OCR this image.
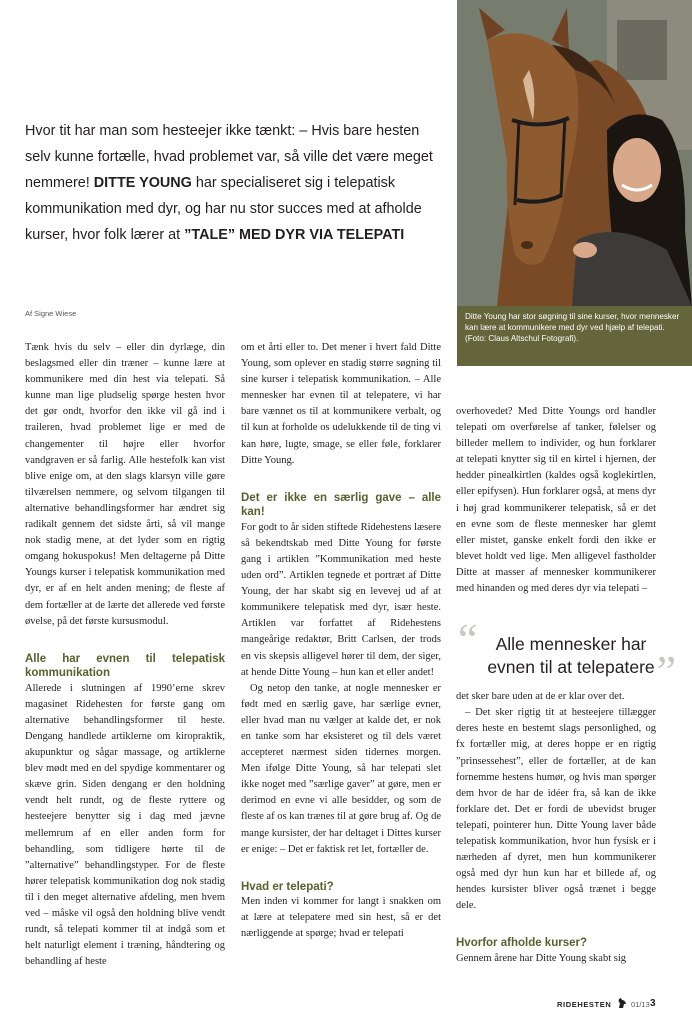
Ditte Young har stor søgning til sine kurser, hvor mennesker kan lære at kommunikere med dyr ved hjælp af telepati. (Foto: Claus Altschul Fotografi).
Hvor tit har man som hesteejer ikke tænkt: – Hvis bare hesten selv kunne fortælle, hvad problemet var, så ville det være meget nemmere! DITTE YOUNG har specialiseret sig i telepatisk kommunikation med dyr, og har nu stor succes med at afholde kurser, hvor folk lærer at ”TALE” MED DYR VIA TELEPATI
Af Signe Wiese

Tænk hvis du selv – eller din dyrlæge, din beslagsmed eller din træner – kunne lære at kommunikere med din hest via telepati. Så kunne man lige pludselig spørge hesten hvor det gør ondt, hvorfor den ikke vil gå ind i traileren, hvad problemet lige er med de changementer til højre eller hvorfor vandgraven er så farlig. Alle hestefolk kan vist blive enige om, at den slags klarsyn ville gøre tilværelsen nemmere, og selvom tilgangen til alternative behandlingsformer har ændret sig radikalt gennem det sidste årti, så vil mange nok stadig mene, at det lyder som en rigtig omgang hokuspokus! Men deltagerne på Ditte Youngs kurser i telepatisk kommunikation med dyr, er af en helt anden mening; de fleste af dem fortæller at de lærte det allerede ved første øvelse, på det første kursusmodul.

Alle har evnen til telepatisk kommunikation

Allerede i slutningen af 1990’erne skrev magasinet Ridehesten for første gang om alternative behandlingsformer til heste. Dengang handlede artiklerne om kiropraktik, akupunktur og sågar massage, og artiklerne blev mødt med en del spydige kommentarer og skæve grin. Siden dengang er den holdning vendt helt rundt, og de fleste ryttere og hesteejere benytter sig i dag med jævne mellemrum af en eller anden form for behandling, som tidligere hørte til de ”alternative” behandlingstyper. For de fleste hører telepatisk kommunikation dog nok stadig til i den meget alternative afdeling, men hvem ved – måske vil også den holdning blive vendt rundt, så telepati kommer til at indgå som et helt naturligt element i træning, håndtering og behandling af heste

om et årti eller to. Det mener i hvert fald Ditte Young, som oplever en stadig større søgning til sine kurser i telepatisk kommunikation. – Alle mennesker har evnen til at telepatere, vi har bare vænnet os til at kommunikere verbalt, og til kun at forholde os udelukkende til de ting vi kan høre, lugte, smage, se eller føle, forklarer Ditte Young.

Det er ikke en særlig gave – alle kan!

For godt to år siden stiftede Ridehestens læsere så bekendtskab med Ditte Young for første gang i artiklen ”Kommunikation med heste uden ord”. Artiklen tegnede et portræt af Ditte Young, der har skabt sig en levevej ud af at kommunikere telepatisk med dyr, især heste. Artiklen var forfattet af Ridehestens mangeårige redaktør, Britt Carlsen, der trods en vis skepsis alligevel hører til dem, der siger, at hende Ditte Young – hun kan et eller andet!

Og netop den tanke, at nogle mennesker er født med en særlig gave, har særlige evner, eller hvad man nu vælger at kalde det, er nok en tanke som har eksisteret og til dels været accepteret nærmest siden tidernes morgen. Men ifølge Ditte Young, så har telepati slet ikke noget med ”særlige gaver” at gøre, men er derimod en evne vi alle besidder, og som de fleste af os kan trænes til at gøre brug af. Og de mange kursister, der har deltaget i Dittes kurser er enige: – Det er faktisk ret let, fortæller de.

Hvad er telepati?

Men inden vi kommer for langt i snakken om at lære at telepatere med sin hest, så er det nærliggende at spørge; hvad er telepati

overhovedet? Med Ditte Youngs ord handler telepati om overførelse af tanker, følelser og billeder mellem to individer, og hun forklarer at telepati knytter sig til en kirtel i hjernen, der hedder pinealkirtlen (kaldes også koglekirtlen, eller epifysen). Hun forklarer også, at mens dyr i høj grad kommunikerer telepatisk, så er det en evne som de fleste mennesker har glemt eller mistet, ganske enkelt fordi den ikke er blevet holdt ved lige. Men alligevel fastholder Ditte at masser af mennesker kommunikerer med hinanden og med deres dyr via telepati –

det sker bare uden at de er klar over det.

– Det sker rigtig tit at hesteejere tillægger deres heste en bestemt slags personlighed, og fx fortæller mig, at deres hoppe er en rigtig ”prinsessehest”, eller de fortæller, at de kan fornemme hestens humør, og hvis man spørger dem hvor de har de idéer fra, så kan de ikke forklare det. Det er fordi de ubevidst bruger telepati, pointerer hun. Ditte Young laver både telepatisk kommunikation, hvor hun fysisk er i nærheden af dyret, men hun kommunikerer også med dyr hun kun har et billede af, og hendes kursister bliver også trænet i begge dele.

Hvorfor afholde kurser?

Gennem årene har Ditte Young skabt sig

“	Alle mennesker har evnen til at telepatere ”
RIDEHESTEN	01/13 3
